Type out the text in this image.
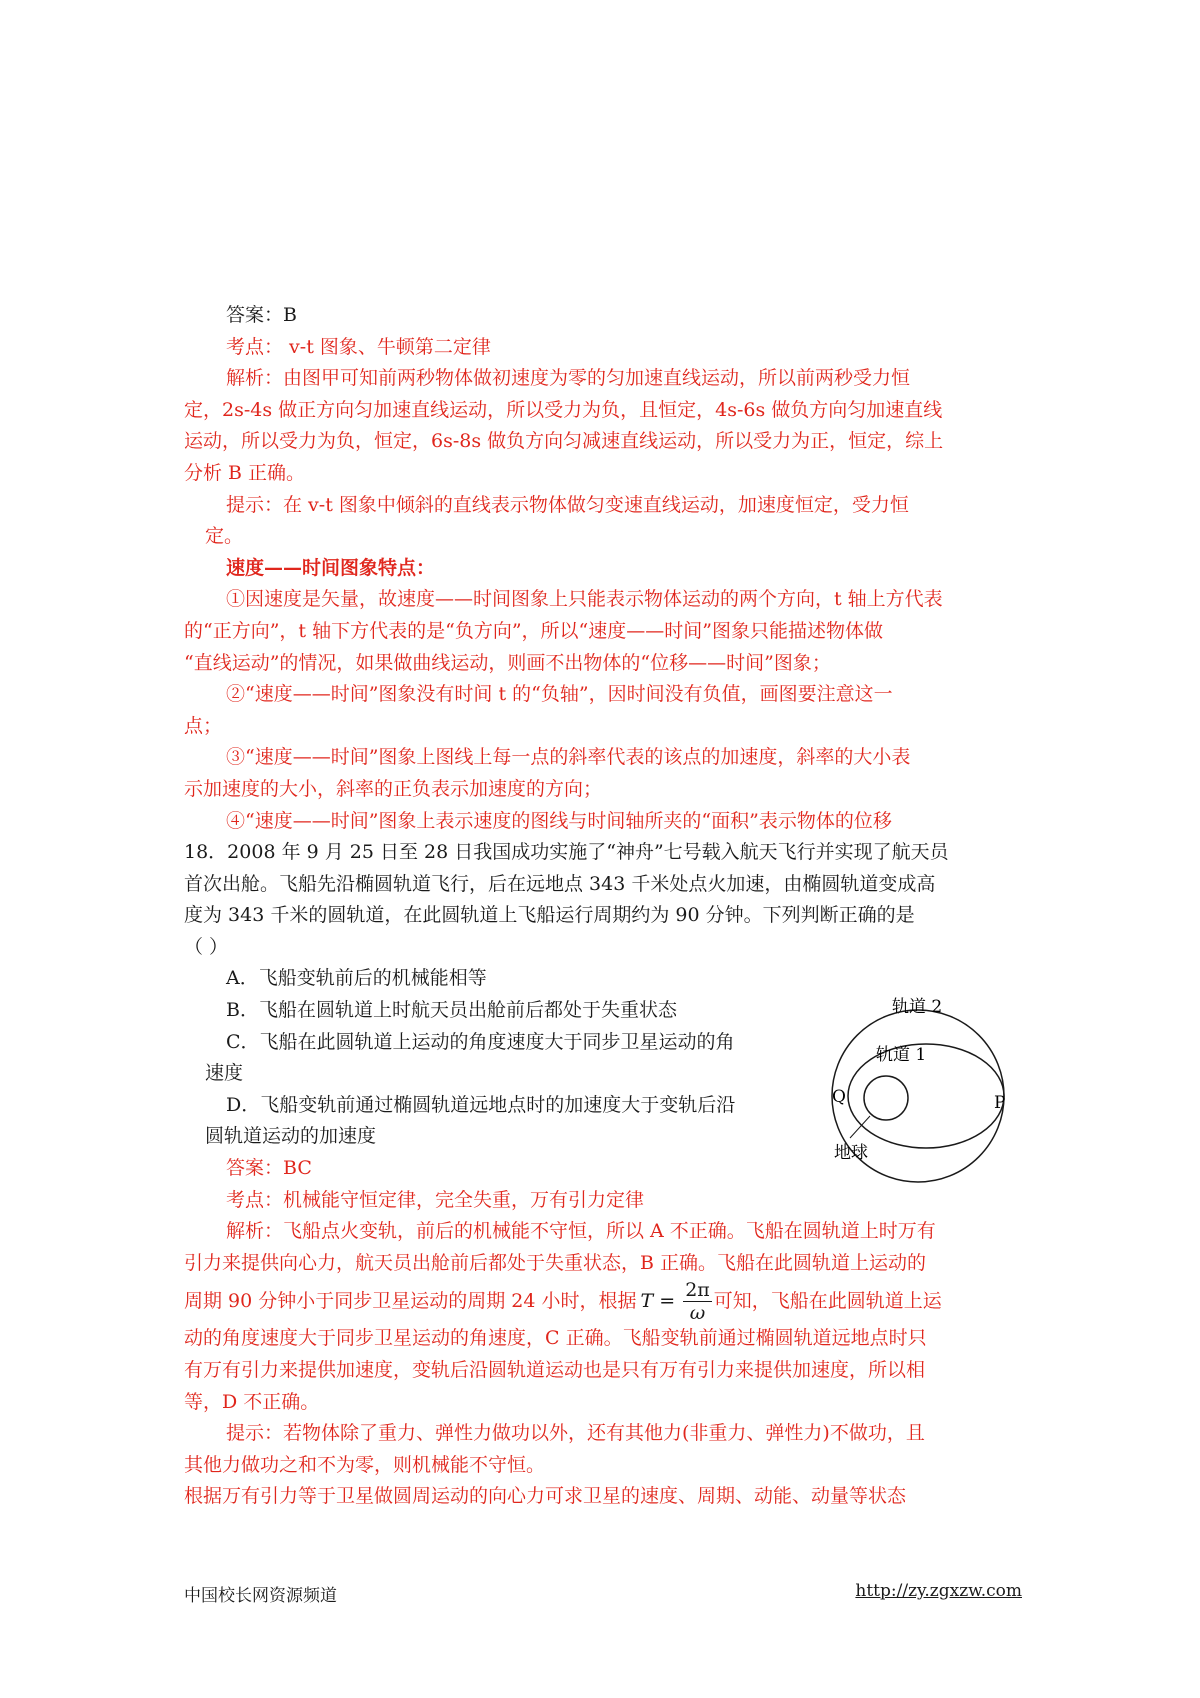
答案：B

考点： v-t 图象、牛顿第二定律

解析：由图甲可知前两秒物体做初速度为零的匀加速直线运动，所以前两秒受力恒

定，2s-4s 做正方向匀加速直线运动，所以受力为负，且恒定，4s-6s 做负方向匀加速直线

运动，所以受力为负，恒定，6s-8s 做负方向匀减速直线运动，所以受力为正，恒定，综上

分析 B 正确。

提示：在 v-t 图象中倾斜的直线表示物体做匀变速直线运动，加速度恒定，受力恒

定。

速度——时间图象特点：

①因速度是矢量，故速度——时间图象上只能表示物体运动的两个方向，t 轴上方代表

的“正方向”，t 轴下方代表的是“负方向”，所以“速度——时间”图象只能描述物体做

“直线运动”的情况，如果做曲线运动，则画不出物体的“位移——时间”图象；

②“速度——时间”图象没有时间 t 的“负轴”，因时间没有负值，画图要注意这一

点；

③“速度——时间”图象上图线上每一点的斜率代表的该点的加速度，斜率的大小表

示加速度的大小，斜率的正负表示加速度的方向；

④“速度——时间”图象上表示速度的图线与时间轴所夹的“面积”表示物体的位移

18．2008 年 9 月 25 日至 28 日我国成功实施了“神舟”七号载入航天飞行并实现了航天员

首次出舱。飞船先沿椭圆轨道飞行，后在远地点 343 千米处点火加速，由椭圆轨道变成高

度为 343 千米的圆轨道，在此圆轨道上飞船运行周期约为 90 分钟。下列判断正确的是

（ ）

A．飞船变轨前后的机械能相等

B．飞船在圆轨道上时航天员出舱前后都处于失重状态

C．飞船在此圆轨道上运动的角度速度大于同步卫星运动的角

速度

D．飞船变轨前通过椭圆轨道远地点时的加速度大于变轨后沿

圆轨道运动的加速度

答案：BC

考点：机械能守恒定律，完全失重，万有引力定律

解析：飞船点火变轨，前后的机械能不守恒，所以 A 不正确。飞船在圆轨道上时万有

引力来提供向心力，航天员出舱前后都处于失重状态，B 正确。飞船在此圆轨道上运动的

周期 90 分钟小于同步卫星运动的周期 24 小时，根据 $T = \frac{2\pi}{\omega}$ 可知，飞船在此圆轨道上运

动的角度速度大于同步卫星运动的角速度，C 正确。飞船变轨前通过椭圆轨道远地点时只

有万有引力来提供加速度，变轨后沿圆轨道运动也是只有万有引力来提供加速度，所以相

等，D 不正确。

提示：若物体除了重力、弹性力做功以外，还有其他力(非重力、弹性力)不做功，且

其他力做功之和不为零，则机械能不守恒。

根据万有引力等于卫星做圆周运动的向心力可求卫星的速度、周期、动能、动量等状态

轨道 2
轨道 1
Q	P
地球
中国校长网资源频道	http://zy.zgxzw.com
